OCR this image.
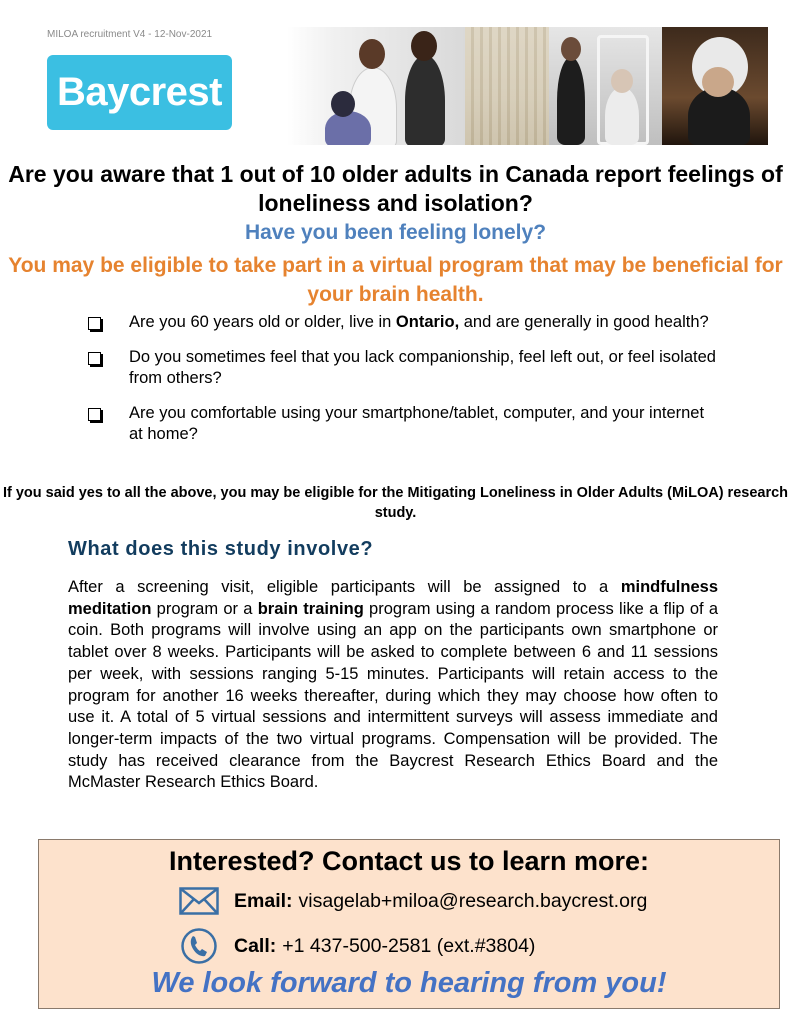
MILOA recruitment V4 - 12-Nov-2021
Baycrest
Are you aware that 1 out of 10 older adults in Canada report feelings of loneliness and isolation?
Have you been feeling lonely?
You may be eligible to take part in a virtual program that may be beneficial for your brain health.
Are you 60 years old or older, live in Ontario, and are generally in good health?
Do you sometimes feel that you lack companionship, feel left out, or feel isolated from others?
Are you comfortable using your smartphone/tablet, computer, and your internet at home?
If you said yes to all the above, you may be eligible for the Mitigating Loneliness in Older Adults (MiLOA) research study.
What does this study involve?
After a screening visit, eligible participants will be assigned to a mindfulness meditation program or a brain training program using a random process like a flip of a coin. Both programs will involve using an app on the participants own smartphone or tablet over 8 weeks. Participants will be asked to complete between 6 and 11 sessions per week, with sessions ranging 5-15 minutes. Participants will retain access to the program for another 16 weeks thereafter, during which they may choose how often to use it. A total of 5 virtual sessions and intermittent surveys will assess immediate and longer-term impacts of the two virtual programs. Compensation will be provided. The study has received clearance from the Baycrest Research Ethics Board and the McMaster Research Ethics Board.
Interested? Contact us to learn more:
Email: visagelab+miloa@research.baycrest.org
Call: +1 437-500-2581 (ext.#3804)
We look forward to hearing from you!
